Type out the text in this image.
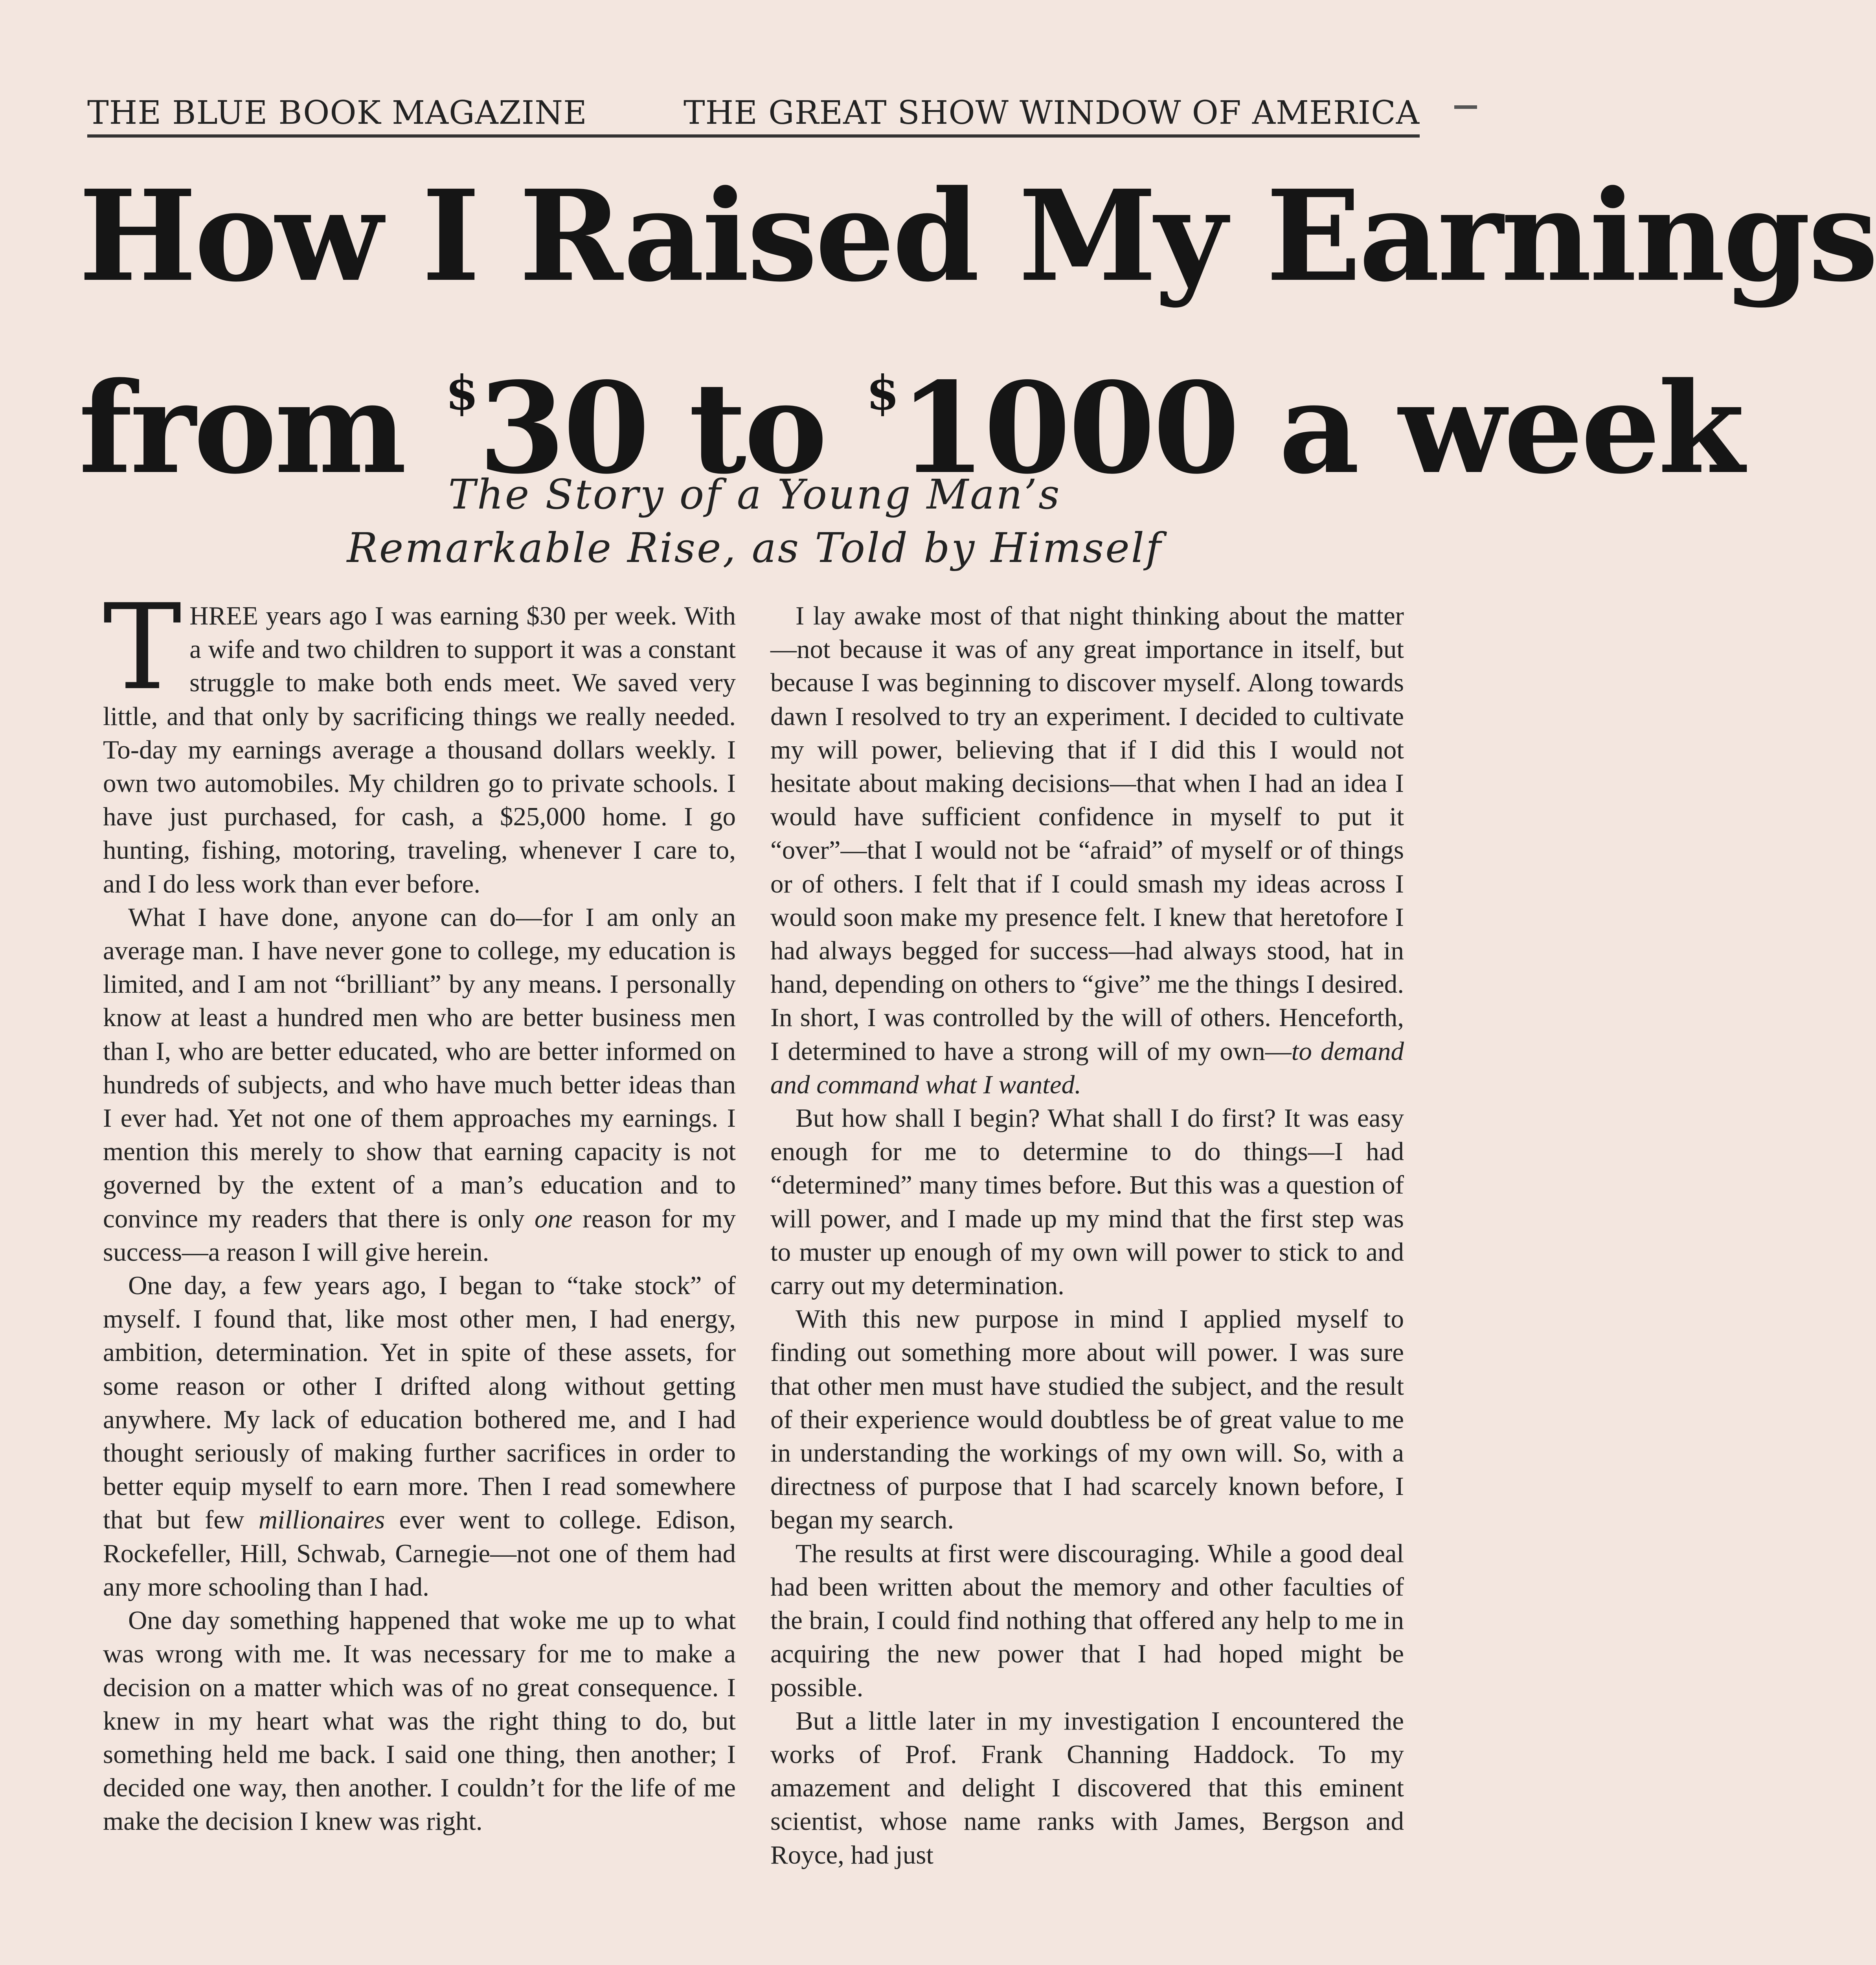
THE BLUE BOOK MAGAZINE	THE GREAT SHOW WINDOW OF AMERICA
How I Raised My Earnings
from $30 to $1000 a week
The Story of a Young Man’s
Remarkable Rise, as Told by Himself

THREE years ago I was earning $30 per week. With a wife and two children to support it was a constant struggle to make both ends meet. We saved very little, and that only by sacrificing things we really needed. To-day my earnings average a thousand dollars weekly. I own two automobiles. My children go to private schools. I have just purchased, for cash, a $25,000 home. I go hunting, fishing, motoring, traveling, whenever I care to, and I do less work than ever before.

What I have done, anyone can do—for I am only an average man. I have never gone to college, my education is limited, and I am not “brilliant” by any means. I personally know at least a hundred men who are better business men than I, who are better educated, who are better informed on hundreds of subjects, and who have much better ideas than I ever had. Yet not one of them approaches my earnings. I mention this merely to show that earning capacity is not governed by the extent of a man’s education and to convince my readers that there is only one reason for my success—a reason I will give herein.

One day, a few years ago, I began to “take stock” of myself. I found that, like most other men, I had energy, ambition, determination. Yet in spite of these assets, for some reason or other I drifted along without getting anywhere. My lack of education bothered me, and I had thought seriously of making further sacrifices in order to better equip myself to earn more. Then I read somewhere that but few millionaires ever went to college. Edison, Rockefeller, Hill, Schwab, Carnegie—not one of them had any more schooling than I had.

One day something happened that woke me up to what was wrong with me. It was necessary for me to make a decision on a matter which was of no great consequence. I knew in my heart what was the right thing to do, but something held me back. I said one thing, then another; I decided one way, then another. I couldn’t for the life of me make the decision I knew was right.

I lay awake most of that night thinking about the matter—not because it was of any great importance in itself, but because I was beginning to discover myself. Along towards dawn I resolved to try an experiment. I decided to cultivate my will power, believing that if I did this I would not hesitate about making decisions—that when I had an idea I would have sufficient confidence in myself to put it “over”—that I would not be “afraid” of myself or of things or of others. I felt that if I could smash my ideas across I would soon make my presence felt. I knew that heretofore I had always begged for success—had always stood, hat in hand, depending on others to “give” me the things I desired. In short, I was controlled by the will of others. Henceforth, I determined to have a strong will of my own—to demand and command what I wanted.

But how shall I begin? What shall I do first? It was easy enough for me to determine to do things—I had “determined” many times before. But this was a question of will power, and I made up my mind that the first step was to muster up enough of my own will power to stick to and carry out my determination.

With this new purpose in mind I applied myself to finding out something more about will power. I was sure that other men must have studied the subject, and the result of their experience would doubtless be of great value to me in understanding the workings of my own will. So, with a directness of purpose that I had scarcely known before, I began my search.

The results at first were discouraging. While a good deal had been written about the memory and other faculties of the brain, I could find nothing that offered any help to me in acquiring the new power that I had hoped might be possible.

But a little later in my investigation I encountered the works of Prof. Frank Channing Haddock. To my amazement and delight I discovered that this eminent scientist, whose name ranks with James, Bergson and Royce, had just
